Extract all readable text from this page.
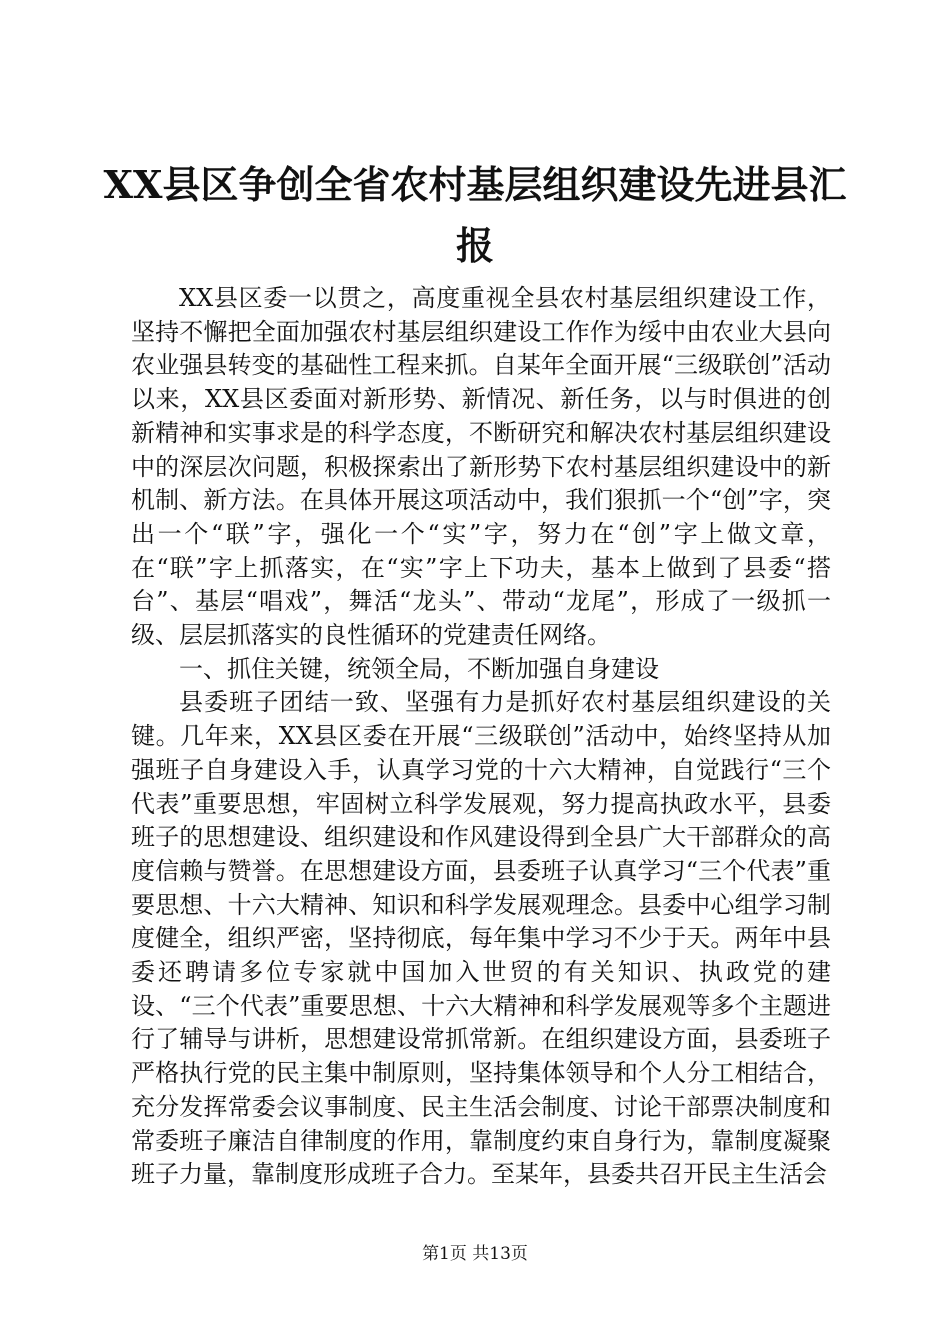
XX县区争创全省农村基层组织建设先进县汇
报

XX县区委一以贯之，高度重视全县农村基层组织建设工作，坚持不懈把全面加强农村基层组织建设工作作为绥中由农业大县向农业强县转变的基础性工程来抓。自某年全面开展“三级联创”活动以来，XX县区委面对新形势、新情况、新任务，以与时俱进的创新精神和实事求是的科学态度，不断研究和解决农村基层组织建设中的深层次问题，积极探索出了新形势下农村基层组织建设中的新机制、新方法。在具体开展这项活动中，我们狠抓一个“创”字，突出一个“联”字，强化一个“实”字，努力在“创”字上做文章，在“联”字上抓落实，在“实”字上下功夫，基本上做到了县委“搭台”、基层“唱戏”，舞活“龙头”、带动“龙尾”，形成了一级抓一级、层层抓落实的良性循环的党建责任网络。

一、抓住关键，统领全局，不断加强自身建设

县委班子团结一致、坚强有力是抓好农村基层组织建设的关键。几年来，XX县区委在开展“三级联创”活动中，始终坚持从加强班子自身建设入手，认真学习党的十六大精神，自觉践行“三个代表”重要思想，牢固树立科学发展观，努力提高执政水平，县委班子的思想建设、组织建设和作风建设得到全县广大干部群众的高度信赖与赞誉。在思想建设方面，县委班子认真学习“三个代表”重要思想、十六大精神、知识和科学发展观理念。县委中心组学习制度健全，组织严密，坚持彻底，每年集中学习不少于天。两年中县委还聘请多位专家就中国加入世贸的有关知识、执政党的建设、“三个代表”重要思想、十六大精神和科学发展观等多个主题进行了辅导与讲析，思想建设常抓常新。在组织建设方面，县委班子严格执行党的民主集中制原则，坚持集体领导和个人分工相结合，充分发挥常委会议事制度、民主生活会制度、讨论干部票决制度和常委班子廉洁自律制度的作用，靠制度约束自身行为，靠制度凝聚班子力量，靠制度形成班子合力。至某年，县委共召开民主生活会

第1页 共13页
